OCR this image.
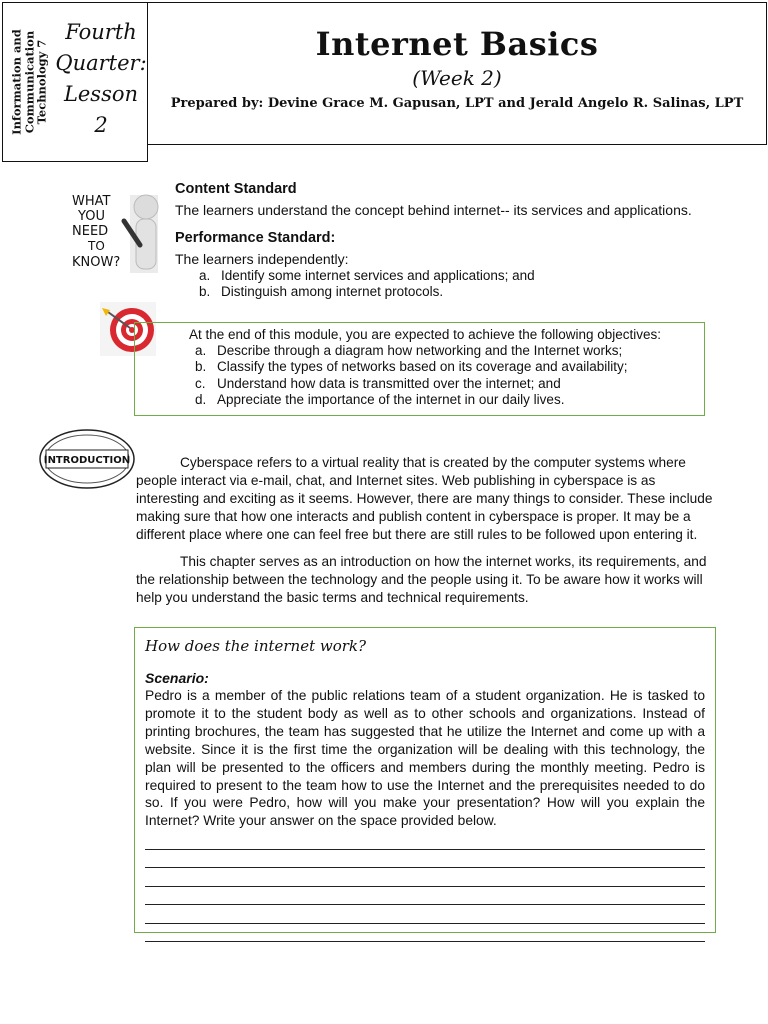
Information and
Communication
Technology 7
Fourth
Quarter:
Lesson
2
Internet Basics
(Week 2)
Prepared by: Devine Grace M. Gapusan, LPT and Jerald Angelo R. Salinas, LPT
WHAT
YOU
NEED
TO
KNOW?
Content Standard
The learners understand the concept behind internet-- its services and applications.
Performance Standard:
The learners independently:
a. Identify some internet services and applications; and
b. Distinguish among internet protocols.
At the end of this module, you are expected to achieve the following objectives:
a. Describe through a diagram how networking and the Internet works;
b. Classify the types of networks based on its coverage and availability;
c. Understand how data is transmitted over the internet; and
d. Appreciate the importance of the internet in our daily lives.
INTRODUCTION	Cyberspace refers to a virtual reality that is created by the computer systems where people interact via e-mail, chat, and Internet sites. Web publishing in cyberspace is as interesting and exciting as it seems. However, there are many things to consider. These include making sure that how one interacts and publish content in cyberspace is proper. It may be a different place where one can feel free but there are still rules to be followed upon entering it.
This chapter serves as an introduction on how the internet works, its requirements, and the relationship between the technology and the people using it. To be aware how it works will help you understand the basic terms and technical requirements.
How does the internet work?
Scenario:
Pedro is a member of the public relations team of a student organization. He is tasked to promote it to the student body as well as to other schools and organizations. Instead of printing brochures, the team has suggested that he utilize the Internet and come up with a website. Since it is the first time the organization will be dealing with this technology, the plan will be presented to the officers and members during the monthly meeting. Pedro is required to present to the team how to use the Internet and the prerequisites needed to do so. If you were Pedro, how will you make your presentation? How will you explain the Internet? Write your answer on the space provided below.
